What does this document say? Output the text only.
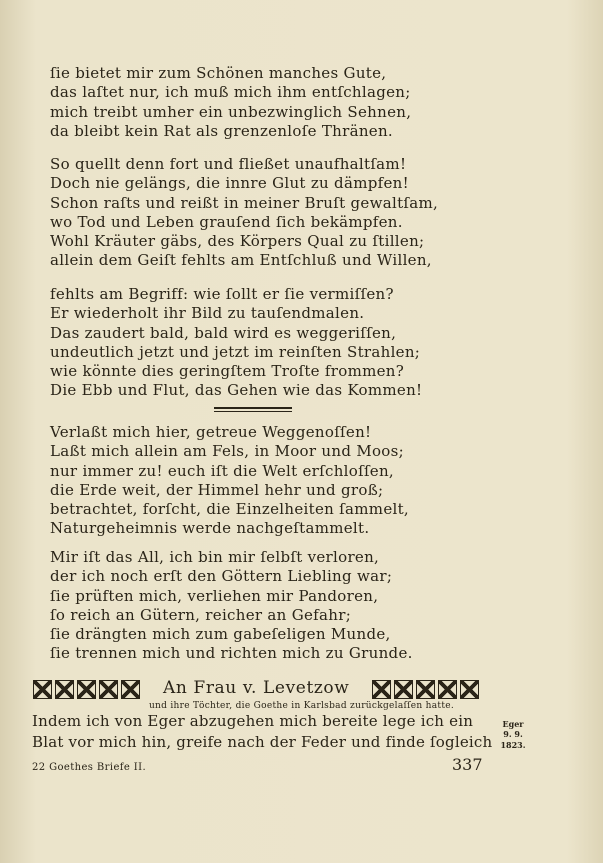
ſie bietet mir zum Schönen manches Gute,
das laſtet nur, ich muß mich ihm entſchlagen;
mich treibt umher ein unbezwinglich Sehnen,
da bleibt kein Rat als grenzenloſe Thränen.
So quellt denn fort und fließet unaufhaltſam!
Doch nie gelängs, die innre Glut zu dämpfen!
Schon raſts und reißt in meiner Bruſt gewaltſam,
wo Tod und Leben grauſend ſich bekämpfen.
Wohl Kräuter gäbs, des Körpers Qual zu ſtillen;
allein dem Geiſt fehlts am Entſchluß und Willen,
fehlts am Begriff: wie ſollt er ſie vermiſſen?
Er wiederholt ihr Bild zu tauſendmalen.
Das zaudert bald, bald wird es weggeriſſen,
undeutlich jetzt und jetzt im reinſten Strahlen;
wie könnte dies geringſtem Troſte frommen?
Die Ebb und Flut, das Gehen wie das Kommen!
Verlaßt mich hier, getreue Weggenoſſen!
Laßt mich allein am Fels, in Moor und Moos;
nur immer zu! euch iſt die Welt erſchloſſen,
die Erde weit, der Himmel hehr und groß;
betrachtet, forſcht, die Einzelheiten ſammelt,
Naturgeheimnis werde nachgeſtammelt.
Mir iſt das All, ich bin mir ſelbſt verloren,
der ich noch erſt den Göttern Liebling war;
ſie prüften mich, verliehen mir Pandoren,
ſo reich an Gütern, reicher an Gefahr;
ſie drängten mich zum gabeſeligen Munde,
ſie trennen mich und richten mich zu Grunde.
An Frau v. Levetzow
und ihre Töchter, die Goethe in Karlsbad zurückgelaſſen hatte.
Indem ich von Eger abzugehen mich bereite lege ich ein
Blat vor mich hin, greife nach der Feder und finde ſogleich
Eger
9. 9.
1823.
22 Goethes Briefe II.	337
